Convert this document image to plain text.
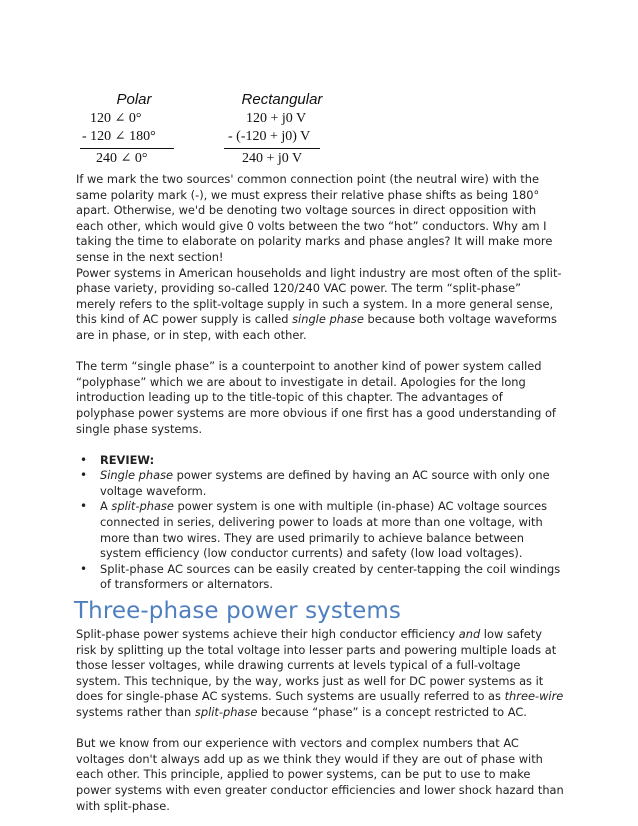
Polar
120 ∠ 0°
- 120 ∠ 180°
240 ∠ 0°
Rectangular
120 + j0 V
- (-120 + j0) V
240 + j0 V

If we mark the two sources' common connection point (the neutral wire) with the same polarity mark (-), we must express their relative phase shifts as being 180° apart. Otherwise, we'd be denoting two voltage sources in direct opposition with each other, which would give 0 volts between the two “hot” conductors. Why am I taking the time to elaborate on polarity marks and phase angles? It will make more sense in the next section!

Power systems in American households and light industry are most often of the split-phase variety, providing so-called 120/240 VAC power. The term “split-phase” merely refers to the split-voltage supply in such a system. In a more general sense, this kind of AC power supply is called single phase because both voltage waveforms are in phase, or in step, with each other.

The term “single phase” is a counterpoint to another kind of power system called “polyphase” which we are about to investigate in detail. Apologies for the long introduction leading up to the title-topic of this chapter. The advantages of polyphase power systems are more obvious if one first has a good understanding of single phase systems.

• REVIEW:
• Single phase power systems are defined by having an AC source with only one voltage waveform.
• A split-phase power system is one with multiple (in-phase) AC voltage sources connected in series, delivering power to loads at more than one voltage, with more than two wires. They are used primarily to achieve balance between system efficiency (low conductor currents) and safety (low load voltages).
• Split-phase AC sources can be easily created by center-tapping the coil windings of transformers or alternators.
Three-phase power systems

Split-phase power systems achieve their high conductor efficiency and low safety risk by splitting up the total voltage into lesser parts and powering multiple loads at those lesser voltages, while drawing currents at levels typical of a full-voltage system. This technique, by the way, works just as well for DC power systems as it does for single-phase AC systems. Such systems are usually referred to as three-wire systems rather than split-phase because “phase” is a concept restricted to AC.

But we know from our experience with vectors and complex numbers that AC voltages don't always add up as we think they would if they are out of phase with each other. This principle, applied to power systems, can be put to use to make power systems with even greater conductor efficiencies and lower shock hazard than with split-phase.
